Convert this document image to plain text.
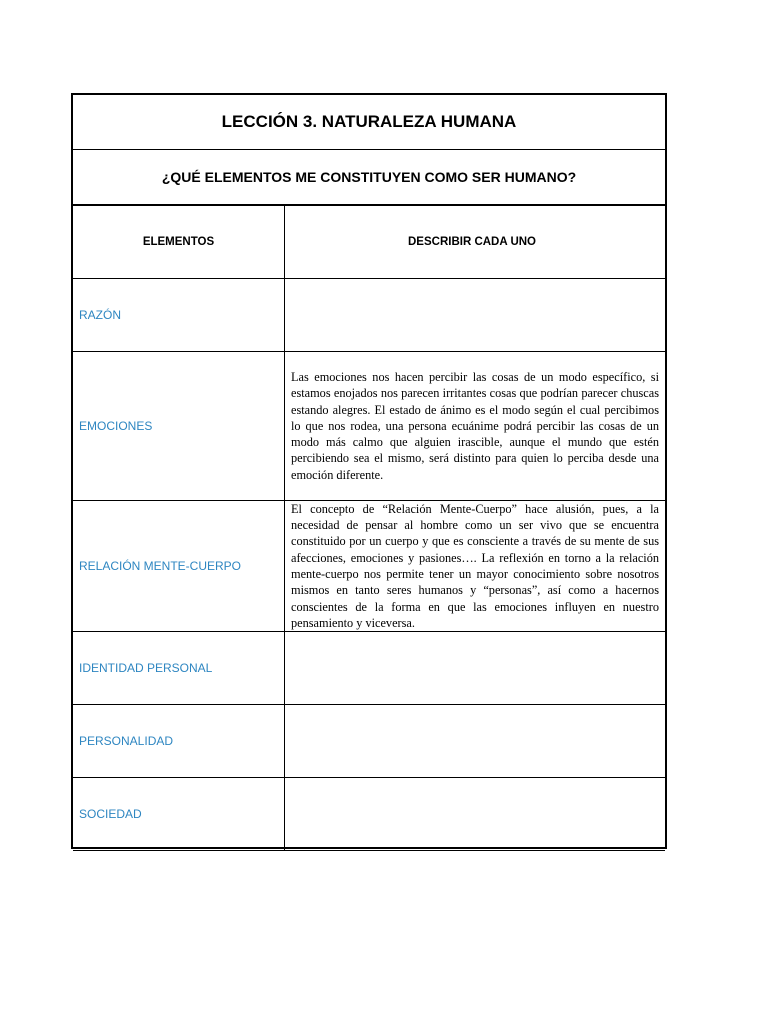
LECCIÓN 3. NATURALEZA HUMANA
¿QUÉ ELEMENTOS ME CONSTITUYEN COMO SER HUMANO?
ELEMENTOS	DESCRIBIR CADA UNO
RAZÓN
EMOCIONES
Las emociones nos hacen percibir las cosas de un modo específico, si estamos enojados nos parecen irritantes cosas que podrían parecer chuscas estando alegres. El estado de ánimo es el modo según el cual percibimos lo que nos rodea, una persona ecuánime podrá percibir las cosas de un modo más calmo que alguien irascible, aunque el mundo que estén percibiendo sea el mismo, será distinto para quien lo perciba desde una emoción diferente.
RELACIÓN MENTE-CUERPO
El concepto de “Relación Mente-Cuerpo” hace alusión, pues, a la necesidad de pensar al hombre como un ser vivo que se encuentra constituido por un cuerpo y que es consciente a través de su mente de sus afecciones, emociones y pasiones…. La reflexión en torno a la relación mente-cuerpo nos permite tener un mayor conocimiento sobre nosotros mismos en tanto seres humanos y “personas”, así como a hacernos conscientes de la forma en que las emociones influyen en nuestro pensamiento y viceversa.
IDENTIDAD PERSONAL
PERSONALIDAD
SOCIEDAD
